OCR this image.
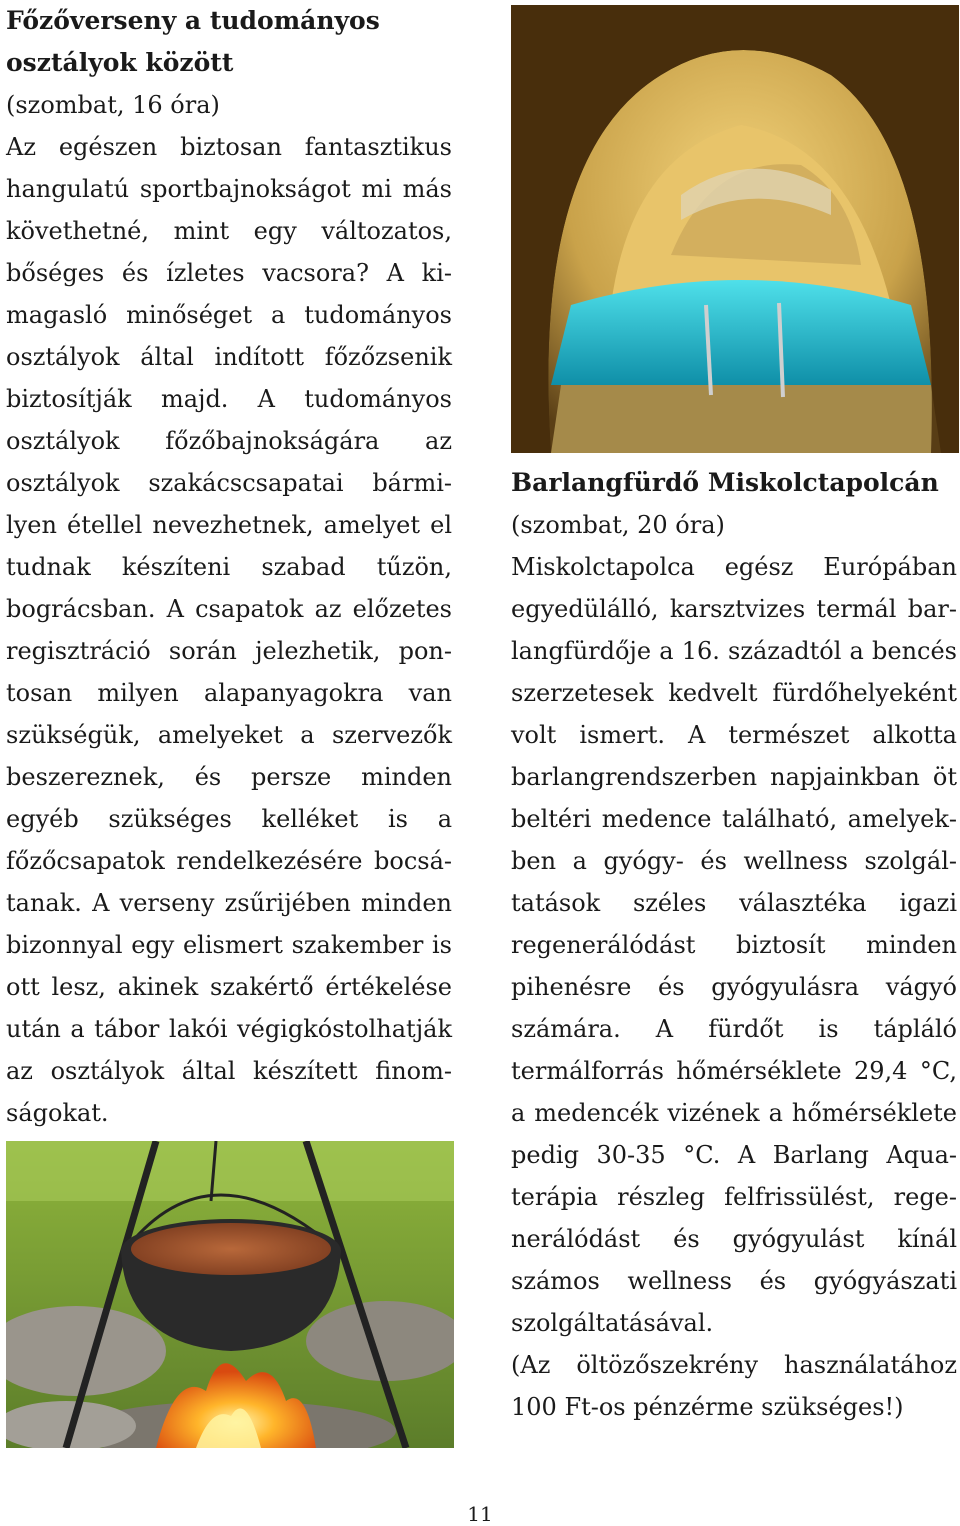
Főzőverseny a tudományos osztályok között

(szombat, 16 óra)

Az egészen biztosan fantasztikus hangulatú sportbajnokságot mi más követhetné, mint egy változatos, bőséges és ízletes vacsora? A kimagasló minőséget a tudományos osztályok által indított főzőzsenik biztosítják majd. A tudományos osztályok főzőbajnokságára az osztályok szakácscsapatai bármilyen étellel nevezhetnek, amelyet el tudnak készíteni szabad tűzön, bográcsban. A csapatok az előzetes regisztráció során jelezhetik, pontosan milyen alapanyagokra van szükségük, amelyeket a szervezők beszereznek, és persze minden egyéb szükséges kelléket is a főzőcsapatok rendelkezésére bocsátanak. A verseny zsűrijében minden bizonnyal egy elismert szakember is ott lesz, akinek szakértő értékelése után a tábor lakói végigkóstolhatják az osztályok által készített finomságokat.

Barlangfürdő Miskolctapolcán

(szombat, 20 óra)

Miskolctapolca egész Európában egyedülálló, karsztvizes termál barlangfürdője a 16. századtól a bencés szerzetesek kedvelt fürdőhelyeként volt ismert. A természet alkotta barlangrendszerben napjainkban öt beltéri medence található, amelyekben a gyógy- és wellness szolgáltatások széles választéka igazi regenerálódást biztosít minden pihenésre és gyógyulásra vágyó számára. A fürdőt is tápláló termálforrás hőmérséklete 29,4 °C, a medencék vizének a hőmérséklete pedig 30-35 °C. A Barlang Aquaterápia részleg felfrissülést, regenerálódást és gyógyulást kínál számos wellness és gyógyászati szolgáltatásával.

(Az öltözőszekrény használatához 100 Ft-os pénzérme szükséges!)

11
